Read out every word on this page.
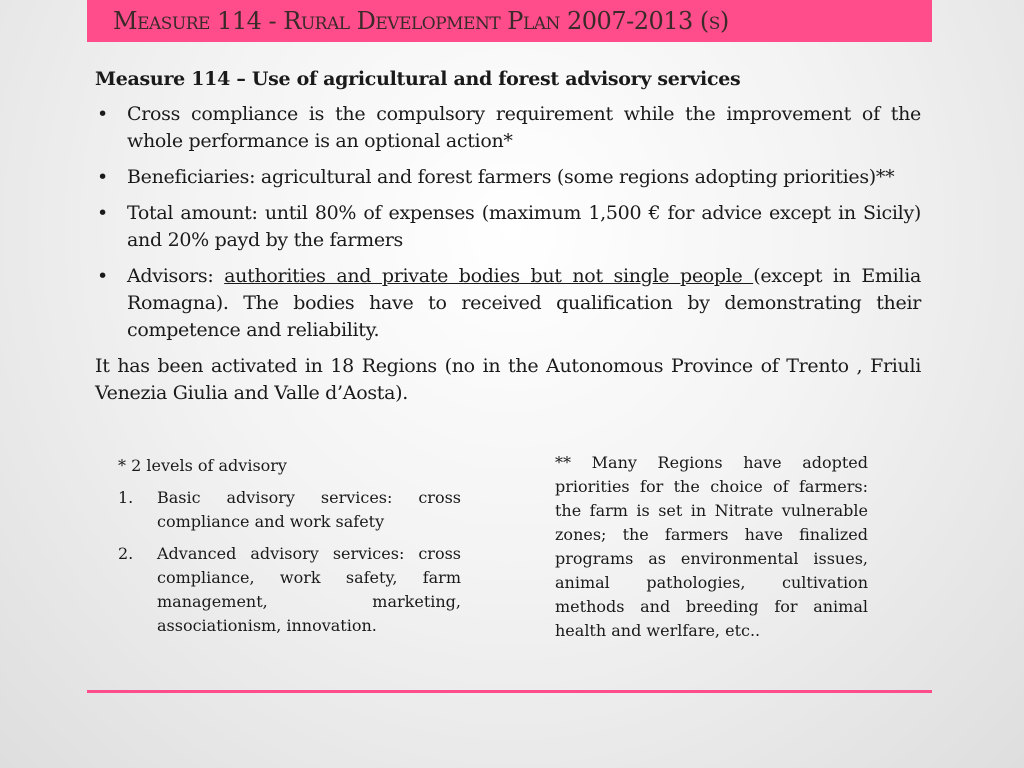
Measure 114 - Rural Development Plan 2007-2013 (s)
Measure 114 – Use of agricultural and forest advisory services
• Cross compliance is the compulsory requirement while the improvement of the whole performance is an optional action*
• Beneficiaries: agricultural and forest farmers (some regions adopting priorities)**
• Total amount: until 80% of expenses (maximum 1,500 € for advice except in Sicily) and 20% payd by the farmers
• Advisors: authorities and private bodies but not single people (except in Emilia Romagna). The bodies have to received qualification by demonstrating their competence and reliability.
It has been activated in 18 Regions (no in the Autonomous Province of Trento , Friuli Venezia Giulia and Valle d’Aosta).
* 2 levels of advisory
1. Basic advisory services: cross compliance and work safety
2. Advanced advisory services: cross compliance, work safety, farm management, marketing, associationism, innovation.
** Many Regions have adopted priorities for the choice of farmers: the farm is set in Nitrate vulnerable zones; the farmers have finalized programs as environmental issues, animal pathologies, cultivation methods and breeding for animal health and werlfare, etc..
